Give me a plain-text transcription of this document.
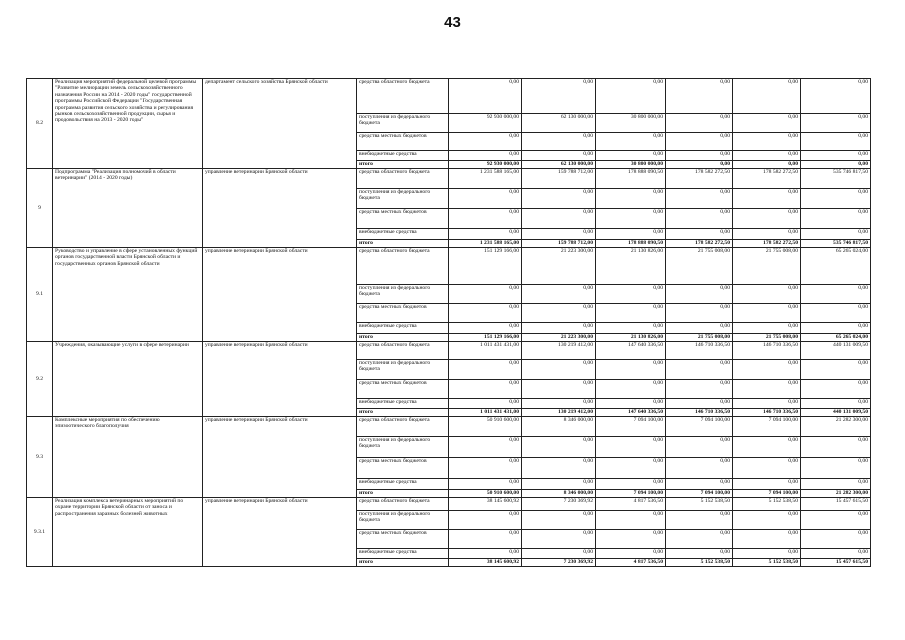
43
8.2	Реализация мероприятий федеральной целевой программы "Развитие мелиорации земель сельскохозяйственного назначения России на 2014 - 2020 годы" государственной программы Российской Федерации "Государственная программа развития сельского хозяйства и регулирования рынков сельскохозяйственной продукции, сырья и продовольствия на 2013 - 2020 годы"	департамент сельского хозяйства Брянской области	средства областного бюджета	0,00	0,00	0,00	0,00	0,00	0,00
			поступления из федерального бюджета	92 930 000,00	62 130 000,00	30 800 000,00	0,00	0,00	0,00
			средства местных бюджетов	0,00	0,00	0,00	0,00	0,00	0,00
			внебюджетные средства	0,00	0,00	0,00	0,00	0,00	0,00
			итого	92 930 000,00	62 130 000,00	30 800 000,00	0,00	0,00	0,00
9	Подпрограмма "Реализация полномочий в области ветеринарии" (2014 - 2020 годы)	управление ветеринарии Брянской области	средства областного бюджета	1 231 588 165,00	159 788 712,00	178 888 090,50	178 582 272,50	178 582 272,50	535 746 817,50
			поступления из федерального бюджета	0,00	0,00	0,00	0,00	0,00	0,00
			средства местных бюджетов	0,00	0,00	0,00	0,00	0,00	0,00
			внебюджетные средства	0,00	0,00	0,00	0,00	0,00	0,00
			итого	1 231 588 165,00	159 788 712,00	178 888 090,50	178 582 272,50	178 582 272,50	535 746 817,50
9.1	Руководство и управление в сфере установленных функций органов государственной власти Брянской области и государственных органов Брянской области	управление ветеринарии Брянской области	средства областного бюджета	151 129 166,00	21 223 300,00	21 130 826,00	21 755 008,00	21 755 008,00	65 265 024,00
			поступления из федерального бюджета	0,00	0,00	0,00	0,00	0,00	0,00
			средства местных бюджетов	0,00	0,00	0,00	0,00	0,00	0,00
			внебюджетные средства	0,00	0,00	0,00	0,00	0,00	0,00
			итого	151 129 166,00	21 223 300,00	21 130 826,00	21 755 008,00	21 755 008,00	65 265 024,00
9.2	Учреждения, оказывающие услуги в сфере ветеринарии	управление ветеринарии Брянской области	средства областного бюджета	1 011 431 431,00	130 219 412,00	147 640 336,50	146 710 336,50	146 710 336,50	440 131 009,50
			поступления из федерального бюджета	0,00	0,00	0,00	0,00	0,00	0,00
			средства местных бюджетов	0,00	0,00	0,00	0,00	0,00	0,00
			внебюджетные средства	0,00	0,00	0,00	0,00	0,00	0,00
			итого	1 011 431 431,00	130 219 412,00	147 640 336,50	146 710 336,50	146 710 336,50	440 131 009,50
9.3	Комплексные мероприятия по обеспечению эпизоотического благополучия	управление ветеринарии Брянской области	средства областного бюджета	50 910 600,00	8 346 000,00	7 094 100,00	7 094 100,00	7 094 100,00	21 282 300,00
			поступления из федерального бюджета	0,00	0,00	0,00	0,00	0,00	0,00
			средства местных бюджетов	0,00	0,00	0,00	0,00	0,00	0,00
			внебюджетные средства	0,00	0,00	0,00	0,00	0,00	0,00
			итого	50 910 600,00	8 346 000,00	7 094 100,00	7 094 100,00	7 094 100,00	21 282 300,00
9.3.1	Реализация комплекса ветеринарных мероприятий по охране территории Брянской области от заноса и распространения заразных болезней животных	управление ветеринарии Брянской области	средства областного бюджета	38 145 600,92	7 230 369,92	4 817 536,50	5 152 538,50	5 152 538,50	15 457 615,50
			поступления из федерального бюджета	0,00	0,00	0,00	0,00	0,00	0,00
			средства местных бюджетов	0,00	0,00	0,00	0,00	0,00	0,00
			внебюджетные средства	0,00	0,00	0,00	0,00	0,00	0,00
			итого	38 145 600,92	7 230 369,92	4 817 536,50	5 152 538,50	5 152 538,50	15 457 615,50
